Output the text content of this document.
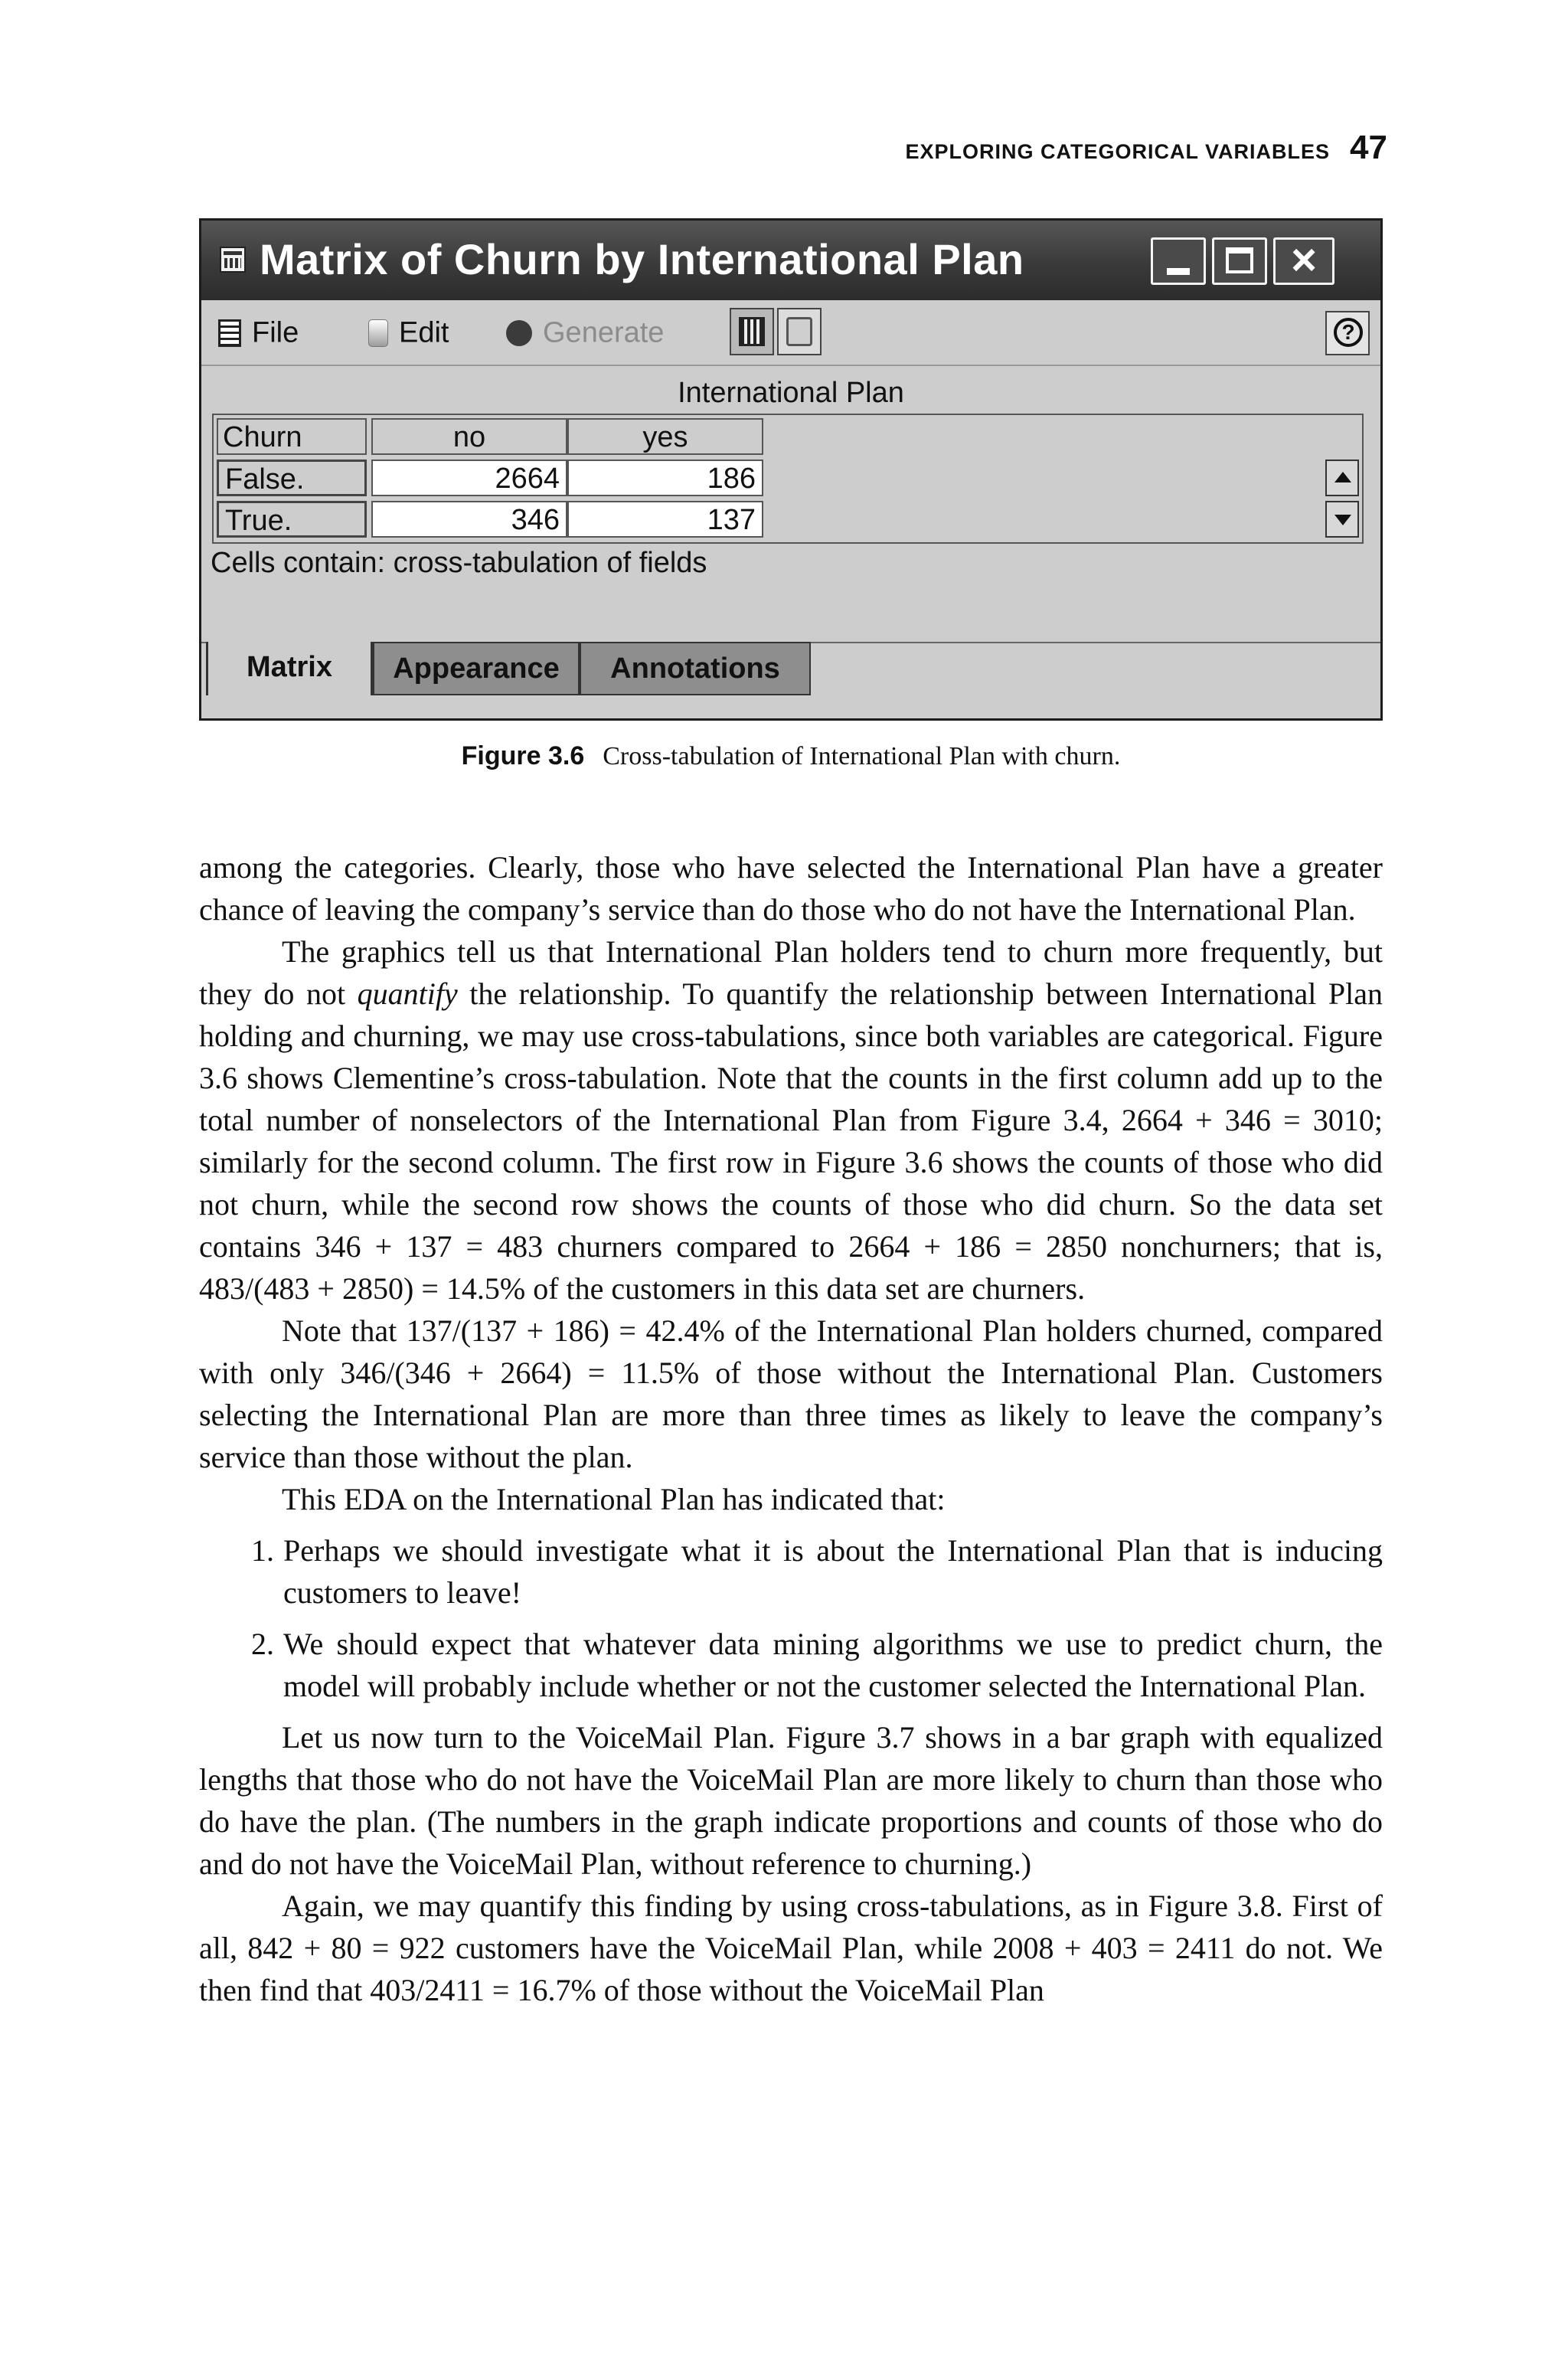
EXPLORING CATEGORICAL VARIABLES 47
Matrix of Churn by International Plan	×
File	Edit	Generate	?
International Plan
Churn	no	yes
False.	2664	186
True.	346	137
Cells contain: cross-tabulation of fields
Matrix	Appearance	Annotations
Figure 3.6 Cross-tabulation of International Plan with churn.

among the categories. Clearly, those who have selected the International Plan have a greater chance of leaving the company’s service than do those who do not have the International Plan.

The graphics tell us that International Plan holders tend to churn more frequently, but they do not quantify the relationship. To quantify the relationship between International Plan holding and churning, we may use cross-tabulations, since both variables are categorical. Figure 3.6 shows Clementine’s cross-tabulation. Note that the counts in the first column add up to the total number of nonselectors of the International Plan from Figure 3.4, 2664 + 346 = 3010; similarly for the second column. The first row in Figure 3.6 shows the counts of those who did not churn, while the second row shows the counts of those who did churn. So the data set contains 346 + 137 = 483 churners compared to 2664 + 186 = 2850 nonchurners; that is, 483/(483 + 2850) = 14.5% of the customers in this data set are churners.

Note that 137/(137 + 186) = 42.4% of the International Plan holders churned, compared with only 346/(346 + 2664) = 11.5% of those without the International Plan. Customers selecting the International Plan are more than three times as likely to leave the company’s service than those without the plan.

This EDA on the International Plan has indicated that:

1. Perhaps we should investigate what it is about the International Plan that is inducing customers to leave!
2. We should expect that whatever data mining algorithms we use to predict churn, the model will probably include whether or not the customer selected the International Plan.

Let us now turn to the VoiceMail Plan. Figure 3.7 shows in a bar graph with equalized lengths that those who do not have the VoiceMail Plan are more likely to churn than those who do have the plan. (The numbers in the graph indicate proportions and counts of those who do and do not have the VoiceMail Plan, without reference to churning.)

Again, we may quantify this finding by using cross-tabulations, as in Figure 3.8. First of all, 842 + 80 = 922 customers have the VoiceMail Plan, while 2008 + 403 = 2411 do not. We then find that 403/2411 = 16.7% of those without the VoiceMail Plan
